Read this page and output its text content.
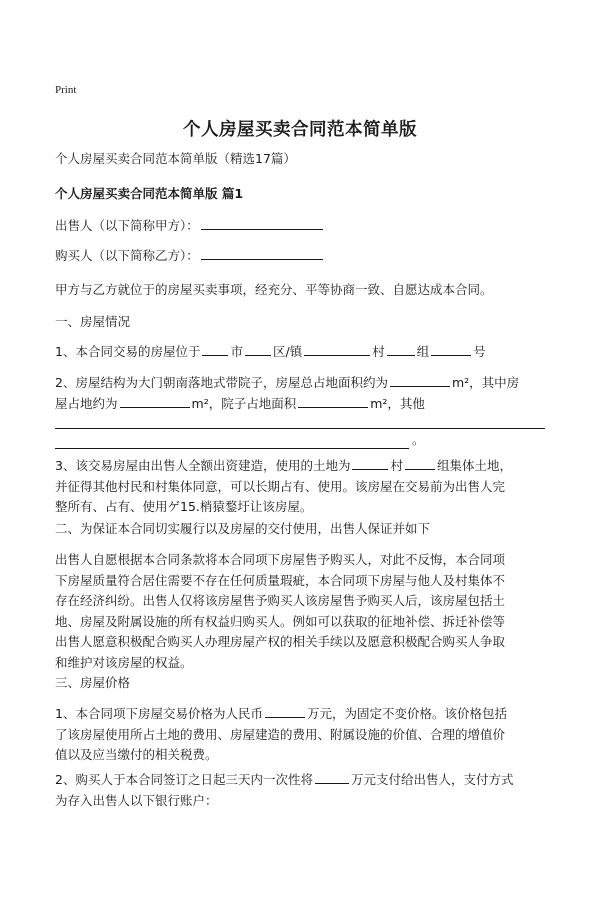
Print
个人房屋买卖合同范本简单版
个人房屋买卖合同范本简单版（精选17篇）
个人房屋买卖合同范本简单版 篇1
出售人（以下简称甲方）：
购买人（以下简称乙方）：
甲方与乙方就位于的房屋买卖事项，经充分、平等协商一致、自愿达成本合同。
一、房屋情况
1、本合同交易的房屋位于 市 区/镇	村	组	号
2、房屋结构为大门朝南落地式带院子，房屋总占地面积约为	m²，其中房
屋占地约为	m²，院子占地面积	m²，其他
。
3、该交易房屋由出售人全额出资建造，使用的土地为	村	组集体土地，
并征得其他村民和村集体同意，可以长期占有、使用。该房屋在交易前为出售人完
整所有、占有、使用ゲ15.梢猿鍪圩让该房屋。
二、为保证本合同切实履行以及房屋的交付使用，出售人保证并如下
出售人自愿根据本合同条款将本合同项下房屋售予购买人，对此不反悔，本合同项
下房屋质量符合居住需要不存在任何质量瑕疵，本合同项下房屋与他人及村集体不
存在经济纠纷。出售人仅将该房屋售予购买人该房屋售予购买人后，该房屋包括土
地、房屋及附属设施的所有权益归购买人。例如可以获取的征地补偿、拆迁补偿等
出售人愿意积极配合购买人办理房屋产权的相关手续以及愿意积极配合购买人争取
和维护对该房屋的权益。
三、房屋价格
1、本合同项下房屋交易价格为人民币	万元，为固定不变价格。该价格包括
了该房屋使用所占土地的费用、房屋建造的费用、附属设施的价值、合理的增值价
值以及应当缴付的相关税费。
2、购买人于本合同签订之日起三天内一次性将	万元支付给出售人，支付方式
为存入出售人以下银行账户：
